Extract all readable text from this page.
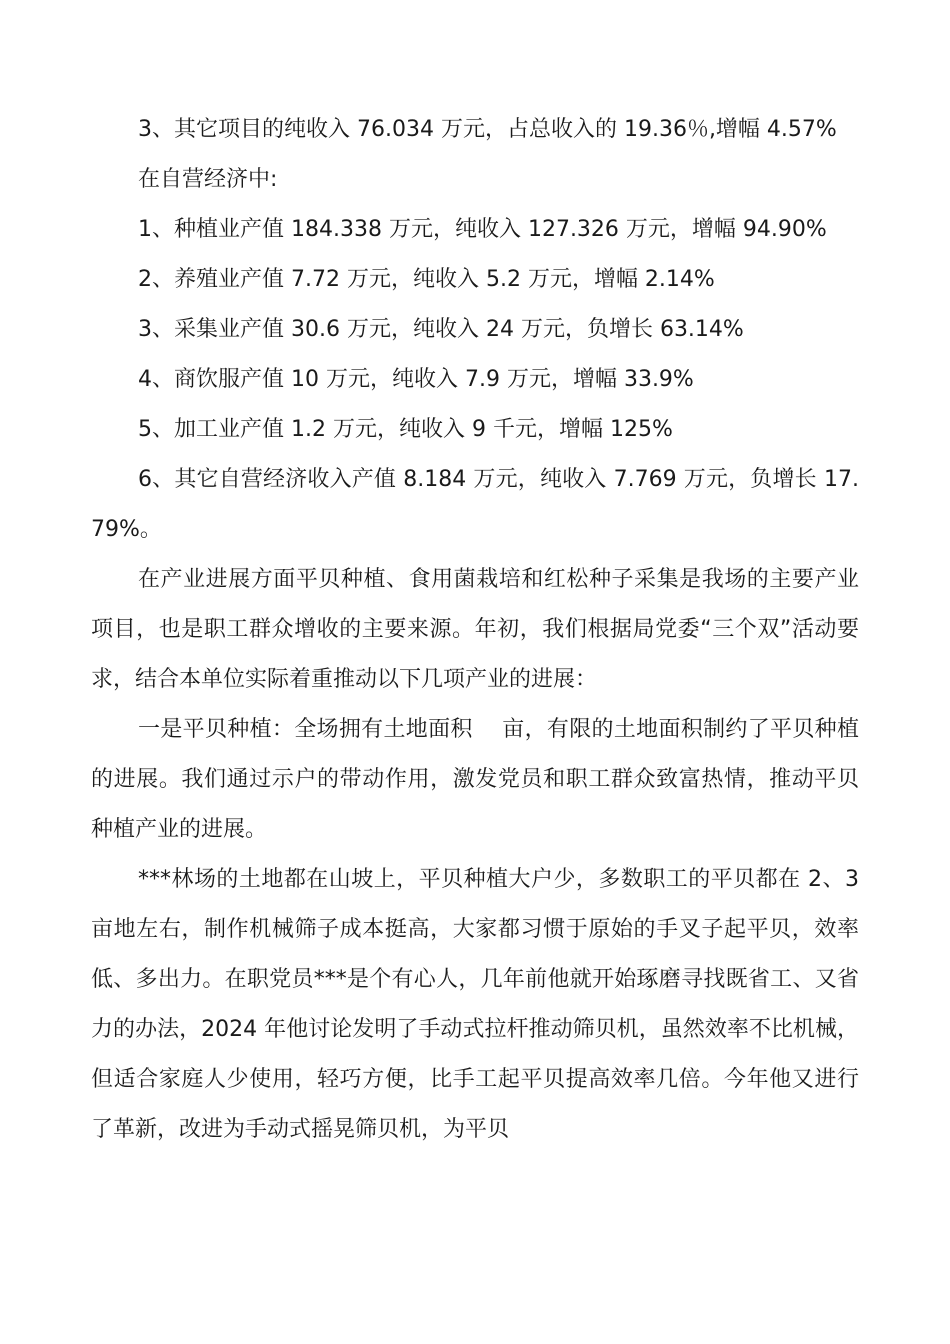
3、其它项目的纯收入 76.034 万元，占总收入的 19.36％,增幅 4.57%

在自营经济中:

1、种植业产值 184.338 万元，纯收入 127.326 万元，增幅 94.90%

2、养殖业产值 7.72 万元，纯收入 5.2 万元，增幅 2.14%

3、采集业产值 30.6 万元，纯收入 24 万元，负增长 63.14%

4、商饮服产值 10 万元，纯收入 7.9 万元，增幅 33.9%

5、加工业产值 1.2 万元，纯收入 9 千元，增幅 125%

6、其它自营经济收入产值 8.184 万元，纯收入 7.769 万元，负增长 17.79%。

在产业进展方面平贝种植、食用菌栽培和红松种子采集是我场的主要产业项目，也是职工群众增收的主要来源。年初，我们根据局党委“三个双”活动要求，结合本单位实际着重推动以下几项产业的进展：

一是平贝种植：全场拥有土地面积　 亩，有限的土地面积制约了平贝种植的进展。我们通过示户的带动作用，激发党员和职工群众致富热情，推动平贝种植产业的进展。

***林场的土地都在山坡上，平贝种植大户少，多数职工的平贝都在 2、3 亩地左右，制作机械筛子成本挺高，大家都习惯于原始的手叉子起平贝，效率低、多出力。在职党员***是个有心人，几年前他就开始琢磨寻找既省工、又省力的办法，2024 年他讨论发明了手动式拉杆推动筛贝机，虽然效率不比机械，但适合家庭人少使用，轻巧方便，比手工起平贝提高效率几倍。今年他又进行了革新，改进为手动式摇晃筛贝机，为平贝
